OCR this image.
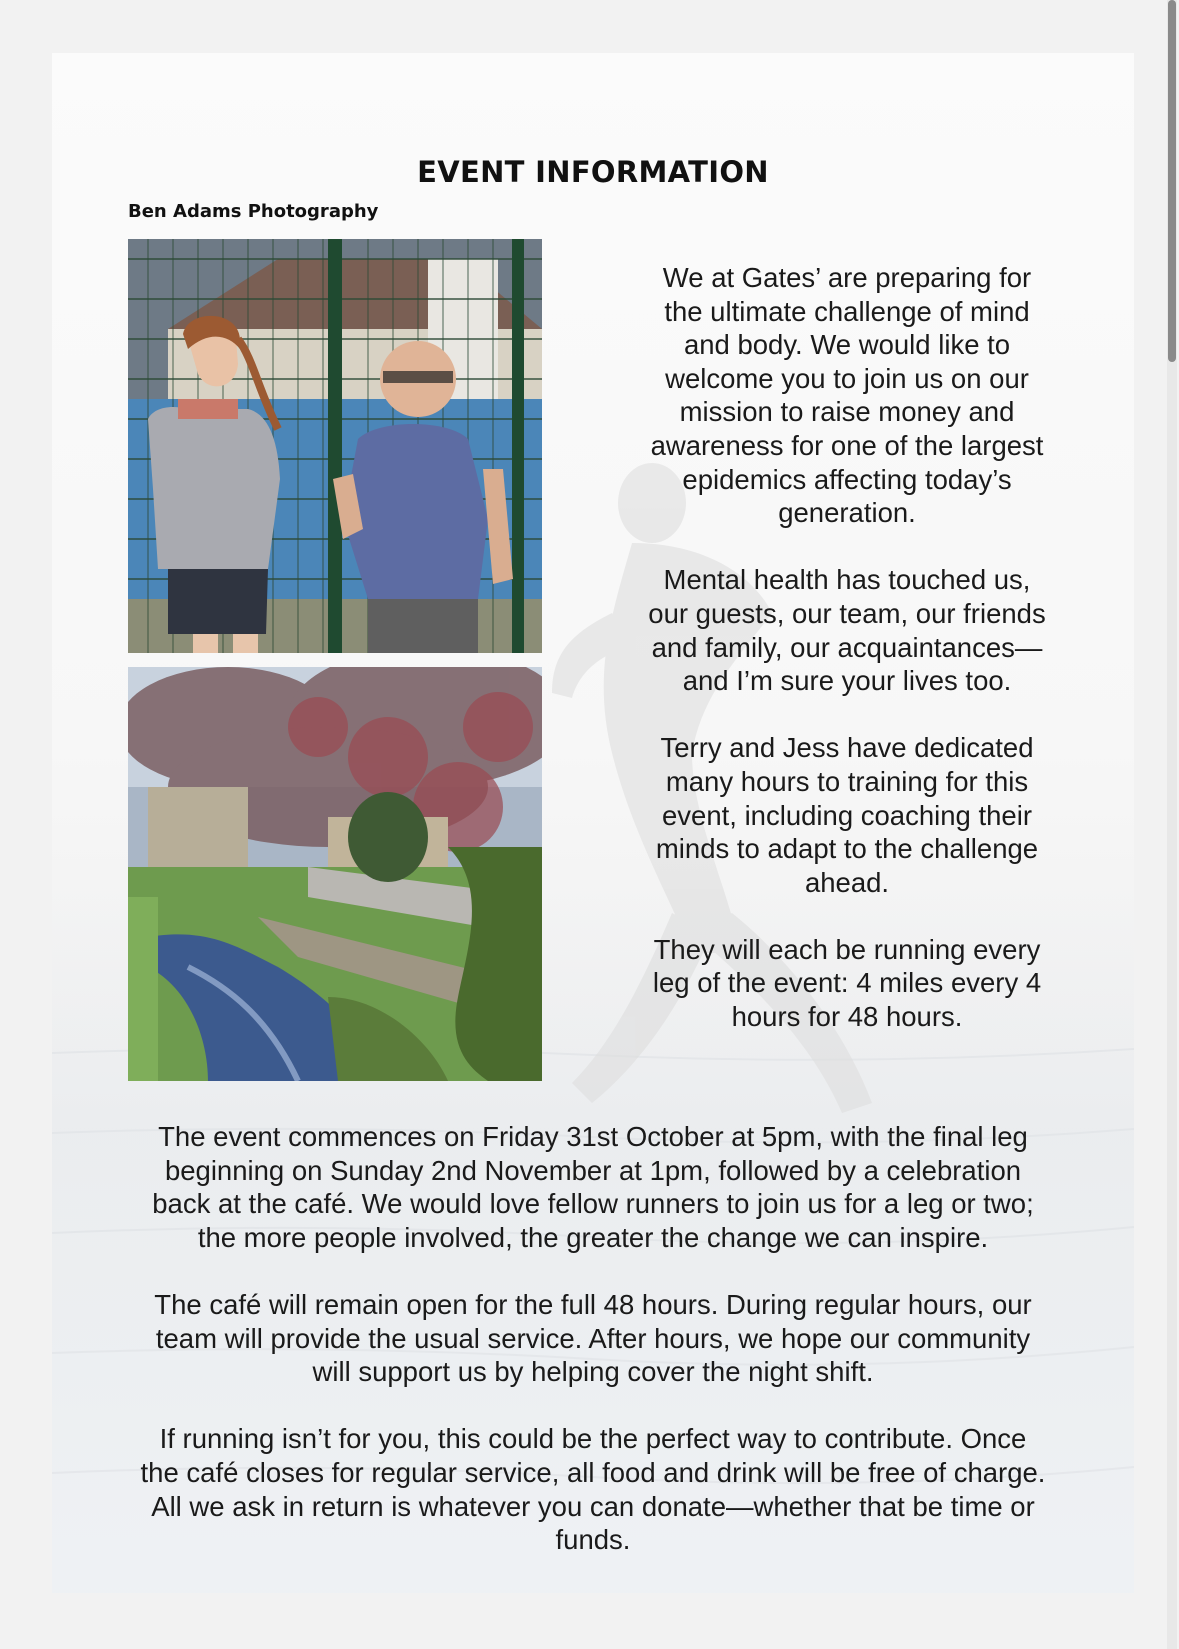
EVENT INFORMATION
Ben Adams Photography

We at Gates’ are preparing for
the ultimate challenge of mind
and body. We would like to
welcome you to join us on our
mission to raise money and
awareness for one of the largest
epidemics affecting today’s
generation.

Mental health has touched us,
our guests, our team, our friends
and family, our acquaintances—
and I’m sure your lives too.

Terry and Jess have dedicated
many hours to training for this
event, including coaching their
minds to adapt to the challenge
ahead.

They will each be running every
leg of the event: 4 miles every 4
hours for 48 hours.

The event commences on Friday 31st October at 5pm, with the final leg
beginning on Sunday 2nd November at 1pm, followed by a celebration
back at the café. We would love fellow runners to join us for a leg or two;
the more people involved, the greater the change we can inspire.

The café will remain open for the full 48 hours. During regular hours, our
team will provide the usual service. After hours, we hope our community
will support us by helping cover the night shift.

If running isn’t for you, this could be the perfect way to contribute. Once
the café closes for regular service, all food and drink will be free of charge.
All we ask in return is whatever you can donate—whether that be time or
funds.
